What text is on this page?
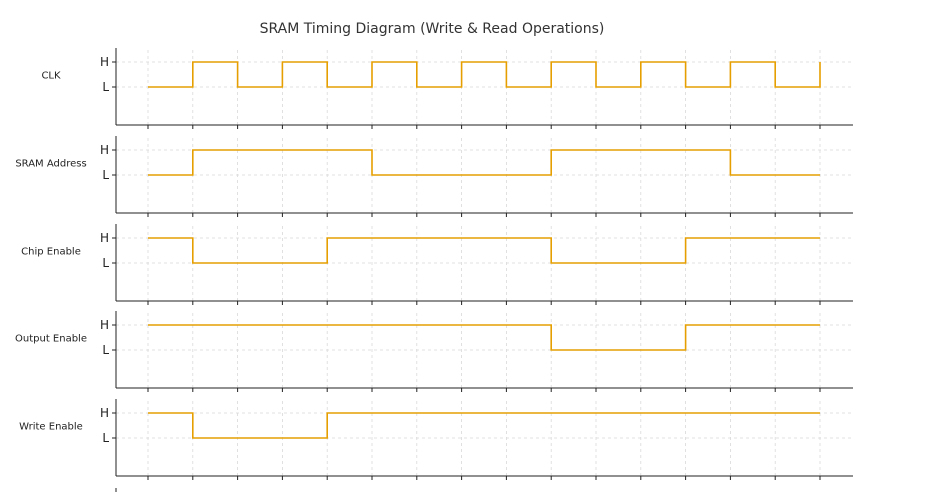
SRAM Timing Diagram (Write & Read Operations)
H
L
CLK
H
L
SRAM Address
H
L
Chip Enable
H
L
Output Enable
H
L
Write Enable
